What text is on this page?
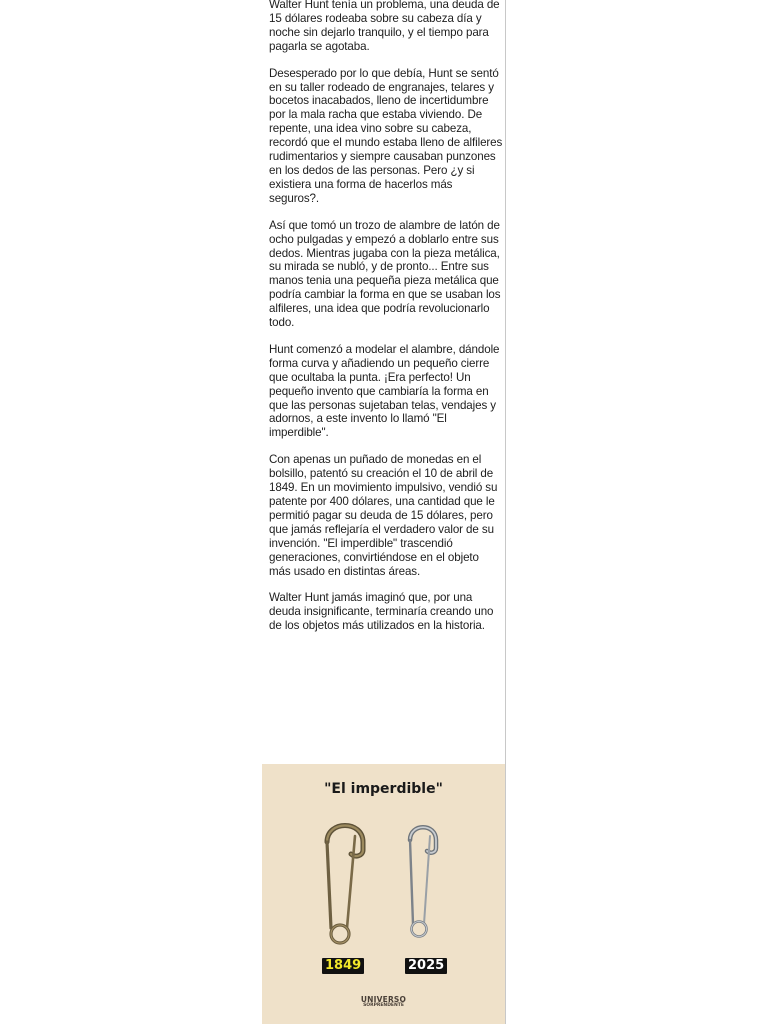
Walter Hunt tenía un problema, una deuda de 15 dólares rodeaba sobre su cabeza día y noche sin dejarlo tranquilo, y el tiempo para pagarla se agotaba.

Desesperado por lo que debía, Hunt se sentó en su taller rodeado de engranajes, telares y bocetos inacabados, lleno de incertidumbre por la mala racha que estaba viviendo. De repente, una idea vino sobre su cabeza, recordó que el mundo estaba lleno de alfileres rudimentarios y siempre causaban punzones en los dedos de las personas. Pero ¿y si existiera una forma de hacerlos más seguros?.

Así que tomó un trozo de alambre de latón de ocho pulgadas y empezó a doblarlo entre sus dedos. Mientras jugaba con la pieza metálica, su mirada se nubló, y de pronto... Entre sus manos tenia una pequeña pieza metálica que podría cambiar la forma en que se usaban los alfileres, una idea que podría revolucionarlo todo.

Hunt comenzó a modelar el alambre, dándole forma curva y añadiendo un pequeño cierre que ocultaba la punta. ¡Era perfecto! Un pequeño invento que cambiaría la forma en que las personas sujetaban telas, vendajes y adornos, a este invento lo llamó "El imperdible".

Con apenas un puñado de monedas en el bolsillo, patentó su creación el 10 de abril de 1849. En un movimiento impulsivo, vendió su patente por 400 dólares, una cantidad que le permitió pagar su deuda de 15 dólares, pero que jamás reflejaría el verdadero valor de su invención. "El imperdible" trascendió generaciones, convirtiéndose en el objeto más usado en distintas áreas.

Walter Hunt jamás imaginó que, por una deuda insignificante, terminaría creando uno de los objetos más utilizados en la historia.

"El imperdible"
1849	2025
UNIVERSO
SORPRENDENTE
